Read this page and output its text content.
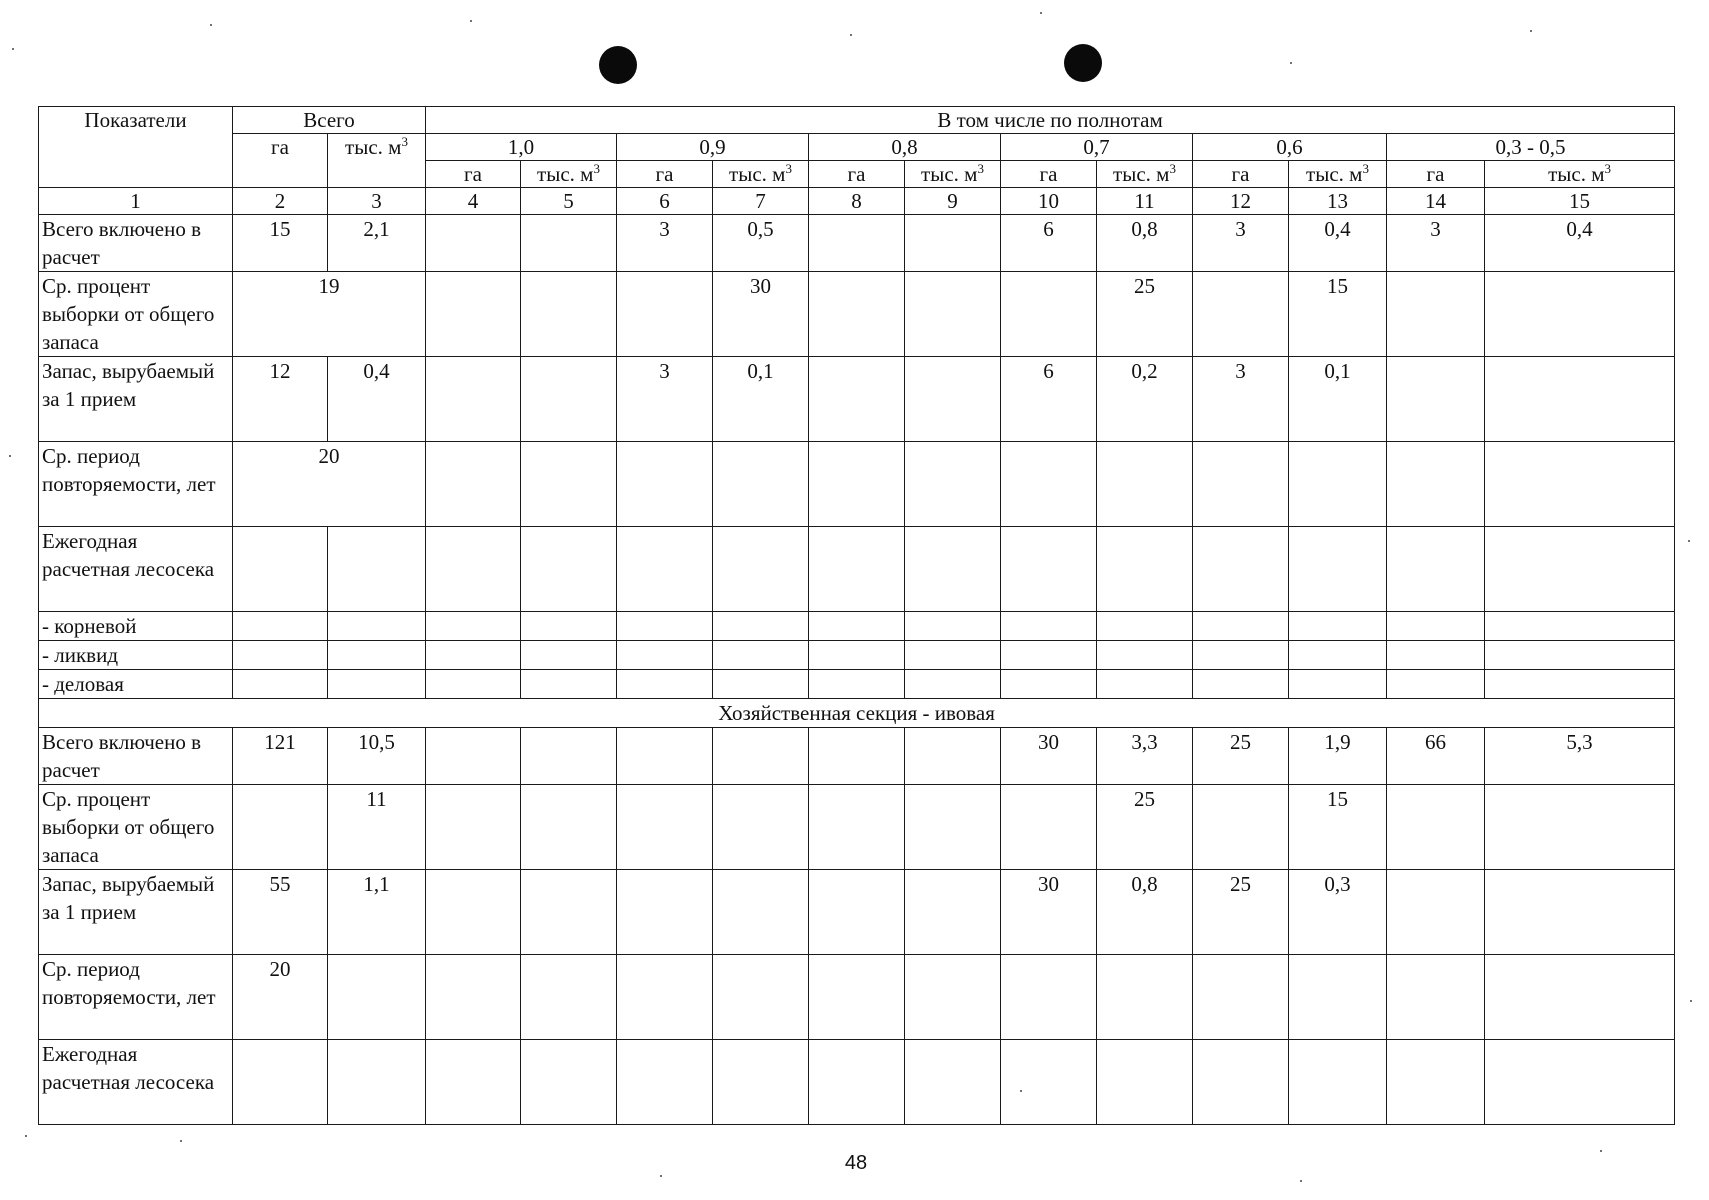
Показатели	Всего		В том числе по полнотам											
	га	тыс. $м^3$	1,0		0,9		0,8		0,7		0,6		0,3 - 0,5	
			га	тыс. $м^3$	га	тыс. $м^3$	га	тыс. $м^3$	га	тыс. $м^3$	га	тыс. $м^3$	га	тыс. $м^3$
1	2	3	4	5	6	7	8	9	10	11	12	13	14	15
Всего включено в расчет	15	2,1			3	0,5			6	0,8	3	0,4	3	0,4
Ср. процент выборки от общего запаса	19					30				25		15		
Запас, вырубаемый за 1 прием	12	0,4			3	0,1			6	0,2	3	0,1		
Ср. период повторяемости, лет	20													
Ежегодная расчетная лесосека														
- корневой														
- ликвид														
- деловая														
Хозяйственная секция - ивовая														
Всего включено в расчет	121	10,5							30	3,3	25	1,9	66	5,3
Ср. процент выборки от общего запаса		11								25		15		
Запас, вырубаемый за 1 прием	55	1,1							30	0,8	25	0,3		
Ср. период повторяемости, лет	20													
Ежегодная расчетная лесосека														
48
